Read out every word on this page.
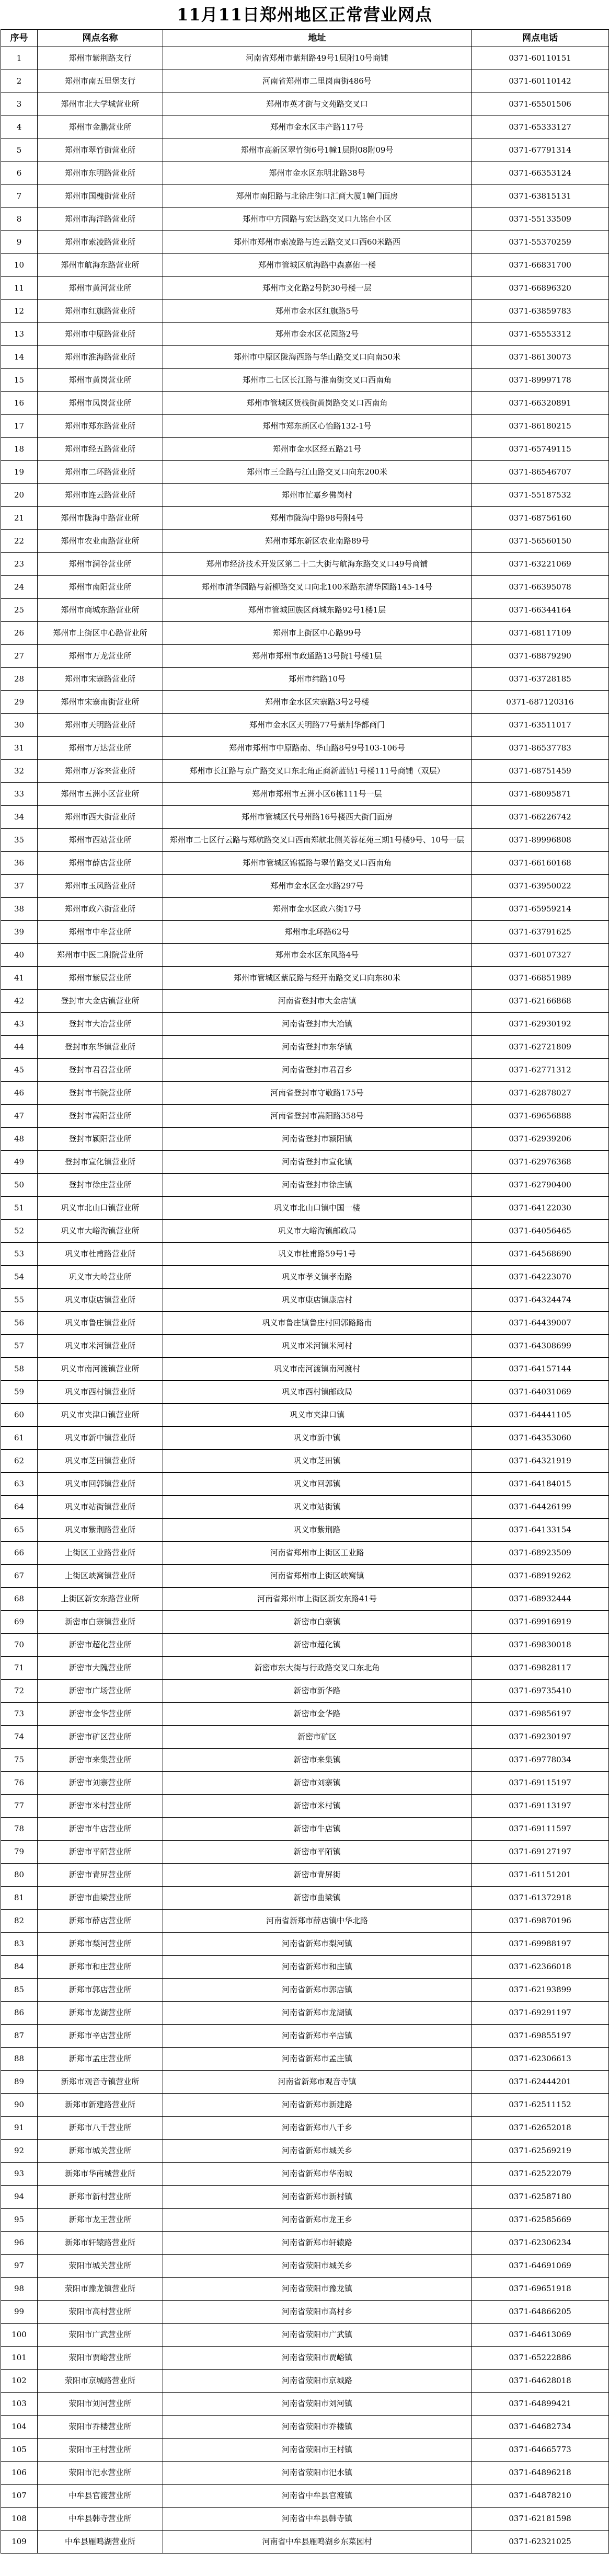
11月11日郑州地区正常营业网点
序号	网点名称	地址	网点电话
1	郑州市紫荆路支行	河南省郑州市紫荆路49号1层附10号商铺	0371-60110151
2	郑州市南五里堡支行	河南省郑州市二里岗南街486号	0371-60110142
3	郑州市北大学城营业所	郑州市英才街与文苑路交叉口	0371-65501506
4	郑州市金鹏营业所	郑州市金水区丰产路117号	0371-65333127
5	郑州市翠竹街营业所	郑州市高新区翠竹街6号1幢1层附08附09号	0371-67791314
6	郑州市东明路营业所	郑州市金水区东明北路38号	0371-66353124
7	郑州市国槐街营业所	郑州市南阳路与北徐庄街口汇商大厦1幢门面房	0371-63815131
8	郑州市海洋路营业所	郑州市中方园路与宏达路交叉口九铭台小区	0371-55133509
9	郑州市索凌路营业所	郑州市郑州市索凌路与连云路交叉口西60米路西	0371-55370259
10	郑州市航海东路营业所	郑州市管城区航海路中森嘉佑一楼	0371-66831700
11	郑州市黄河营业所	郑州市文化路2号院30号楼一层	0371-66896320
12	郑州市红旗路营业所	郑州市金水区红旗路5号	0371-63859783
13	郑州市中原路营业所	郑州市金水区花园路2号	0371-65553312
14	郑州市淮海路营业所	郑州市中原区陇海西路与华山路交叉口向南50米	0371-86130073
15	郑州市黄岗营业所	郑州市二七区长江路与淮南街交叉口西南角	0371-89997178
16	郑州市凤岗营业所	郑州市管城区货栈街黄岗路交叉口西南角	0371-66320891
17	郑州市郑东路营业所	郑州市郑东新区心怡路132-1号	0371-86180215
18	郑州市经五路营业所	郑州市金水区经五路21号	0371-65749115
19	郑州市二环路营业所	郑州市三全路与江山路交叉口向东200米	0371-86546707
20	郑州市连云路营业所	郑州市忙嘉乡佛岗村	0371-55187532
21	郑州市陇海中路营业所	郑州市陇海中路98号附4号	0371-68756160
22	郑州市农业南路营业所	郑州市郑东新区农业南路89号	0371-56560150
23	郑州市澜谷营业所	郑州市经济技术开发区第二十二大街与航海东路交叉口49号商铺	0371-63221069
24	郑州市南阳营业所	郑州市清华园路与新柳路交叉口向北100米路东清华园路145-14号	0371-66395078
25	郑州市商城东路营业所	郑州市管城回族区商城东路92号1楼1层	0371-66344164
26	郑州市上街区中心路营业所	郑州市上街区中心路99号	0371-68117109
27	郑州市万龙营业所	郑州市郑州市政通路13号院1号楼1层	0371-68879290
28	郑州市宋寨路营业所	郑州市纬路10号	0371-63728185
29	郑州市宋寨南街营业所	郑州市金水区宋寨路3号2号楼	0371-687120316
30	郑州市天明路营业所	郑州市金水区天明路77号紫荆华都商门	0371-63511017
31	郑州市万达营业所	郑州市郑州市中原路南、华山路8号9号103-106号	0371-86537783
32	郑州市万客来营业所	郑州市长江路与京广路交叉口东北角正商新蓝钻1号楼111号商铺（双层）	0371-68751459
33	郑州市五洲小区营业所	郑州市郑州市五洲小区6栋111号一层	0371-68095871
34	郑州市西大街营业所	郑州市管城区代号州路16号楼西大街门面房	0371-66226742
35	郑州市西站营业所	郑州市二七区行云路与郑航路交叉口西南郑航北侧芙蓉花苑三期1号楼9号、10号一层	0371-89996808
36	郑州市薛店营业所	郑州市管城区锦福路与翠竹路交叉口西南角	0371-66160168
37	郑州市玉凤路营业所	郑州市金水区金水路297号	0371-63950022
38	郑州市政六街营业所	郑州市金水区政六街17号	0371-65959214
39	郑州市中牟营业所	郑州市北环路62号	0371-63791625
40	郑州市中医二附院营业所	郑州市金水区东风路4号	0371-60107327
41	郑州市紫辰营业所	郑州市管城区紫辰路与经开南路交叉口向东80米	0371-66851989
42	登封市大金店镇营业所	河南省登封市大金店镇	0371-62166868
43	登封市大冶营业所	河南省登封市大冶镇	0371-62930192
44	登封市东华镇营业所	河南省登封市东华镇	0371-62721809
45	登封市君召营业所	河南省登封市君召乡	0371-62771312
46	登封市书院营业所	河南省登封市守敬路175号	0371-62878027
47	登封市嵩阳营业所	河南省登封市嵩阳路358号	0371-69656888
48	登封市颍阳营业所	河南省登封市颍阳镇	0371-62939206
49	登封市宣化镇营业所	河南省登封市宣化镇	0371-62976368
50	登封市徐庄营业所	河南省登封市徐庄镇	0371-62790400
51	巩义市北山口镇营业所	巩义市北山口镇中国一楼	0371-64122030
52	巩义市大峪沟镇营业所	巩义市大峪沟镇邮政局	0371-64056465
53	巩义市杜甫路营业所	巩义市杜甫路59号1号	0371-64568690
54	巩义市大岭营业所	巩义市孝义镇孝南路	0371-64223070
55	巩义市康店镇营业所	巩义市康店镇康店村	0371-64324474
56	巩义市鲁庄镇营业所	巩义市鲁庄镇鲁庄村回郭路路南	0371-64439007
57	巩义市米河镇营业所	巩义市米河镇米河村	0371-64308699
58	巩义市南河渡镇营业所	巩义市南河渡镇南河渡村	0371-64157144
59	巩义市西村镇营业所	巩义市西村镇邮政局	0371-64031069
60	巩义市夹津口镇营业所	巩义市夹津口镇	0371-64441105
61	巩义市新中镇营业所	巩义市新中镇	0371-64353060
62	巩义市芝田镇营业所	巩义市芝田镇	0371-64321919
63	巩义市回郭镇营业所	巩义市回郭镇	0371-64184015
64	巩义市站街镇营业所	巩义市站街镇	0371-64426199
65	巩义市紫荆路营业所	巩义市紫荆路	0371-64133154
66	上街区工业路营业所	河南省郑州市上街区工业路	0371-68923509
67	上街区峡窝镇营业所	河南省郑州市上街区峡窝镇	0371-68919262
68	上街区新安东路营业所	河南省郑州市上街区新安东路41号	0371-68932444
69	新密市白寨镇营业所	新密市白寨镇	0371-69916919
70	新密市超化营业所	新密市超化镇	0371-69830018
71	新密市大隗营业所	新密市东大街与行政路交叉口东北角	0371-69828117
72	新密市广场营业所	新密市新华路	0371-69735410
73	新密市金华营业所	新密市金华路	0371-69856197
74	新密市矿区营业所	新密市矿区	0371-69230197
75	新密市来集营业所	新密市来集镇	0371-69778034
76	新密市刘寨营业所	新密市刘寨镇	0371-69115197
77	新密市米村营业所	新密市米村镇	0371-69113197
78	新密市牛店营业所	新密市牛店镇	0371-69111597
79	新密市平陌营业所	新密市平陌镇	0371-69127197
80	新密市青屏营业所	新密市青屏街	0371-61151201
81	新密市曲梁营业所	新密市曲梁镇	0371-61372918
82	新郑市薛店营业所	河南省新郑市薛店镇中华北路	0371-69870196
83	新郑市梨河营业所	河南省新郑市梨河镇	0371-69988197
84	新郑市和庄营业所	河南省新郑市和庄镇	0371-62366018
85	新郑市郭店营业所	河南省新郑市郭店镇	0371-62193899
86	新郑市龙湖营业所	河南省新郑市龙湖镇	0371-69291197
87	新郑市辛店营业所	河南省新郑市辛店镇	0371-69855197
88	新郑市孟庄营业所	河南省新郑市孟庄镇	0371-62306613
89	新郑市观音寺镇营业所	河南省新郑市观音寺镇	0371-62444201
90	新郑市新建路营业所	河南省新郑市新建路	0371-62511152
91	新郑市八千营业所	河南省新郑市八千乡	0371-62652018
92	新郑市城关营业所	河南省新郑市城关乡	0371-62569219
93	新郑市华南城营业所	河南省新郑市华南城	0371-62522079
94	新郑市新村营业所	河南省新郑市新村镇	0371-62587180
95	新郑市龙王营业所	河南省新郑市龙王乡	0371-62585669
96	新郑市轩辕路营业所	河南省新郑市轩辕路	0371-62306234
97	荥阳市城关营业所	河南省荥阳市城关乡	0371-64691069
98	荥阳市豫龙镇营业所	河南省荥阳市豫龙镇	0371-69651918
99	荥阳市高村营业所	河南省荥阳市高村乡	0371-64866205
100	荥阳市广武营业所	河南省荥阳市广武镇	0371-64613069
101	荥阳市贾峪营业所	河南省荥阳市贾峪镇	0371-65222886
102	荥阳市京城路营业所	河南省荥阳市京城路	0371-64628018
103	荥阳市刘河营业所	河南省荥阳市刘河镇	0371-64899421
104	荥阳市乔楼营业所	河南省荥阳市乔楼镇	0371-64682734
105	荥阳市王村营业所	河南省荥阳市王村镇	0371-64665773
106	荥阳市汜水营业所	河南省荥阳市汜水镇	0371-64896218
107	中牟县官渡营业所	河南省中牟县官渡镇	0371-64878210
108	中牟县韩寺营业所	河南省中牟县韩寺镇	0371-62181598
109	中牟县雁鸣湖营业所	河南省中牟县雁鸣湖乡东菜园村	0371-62321025
